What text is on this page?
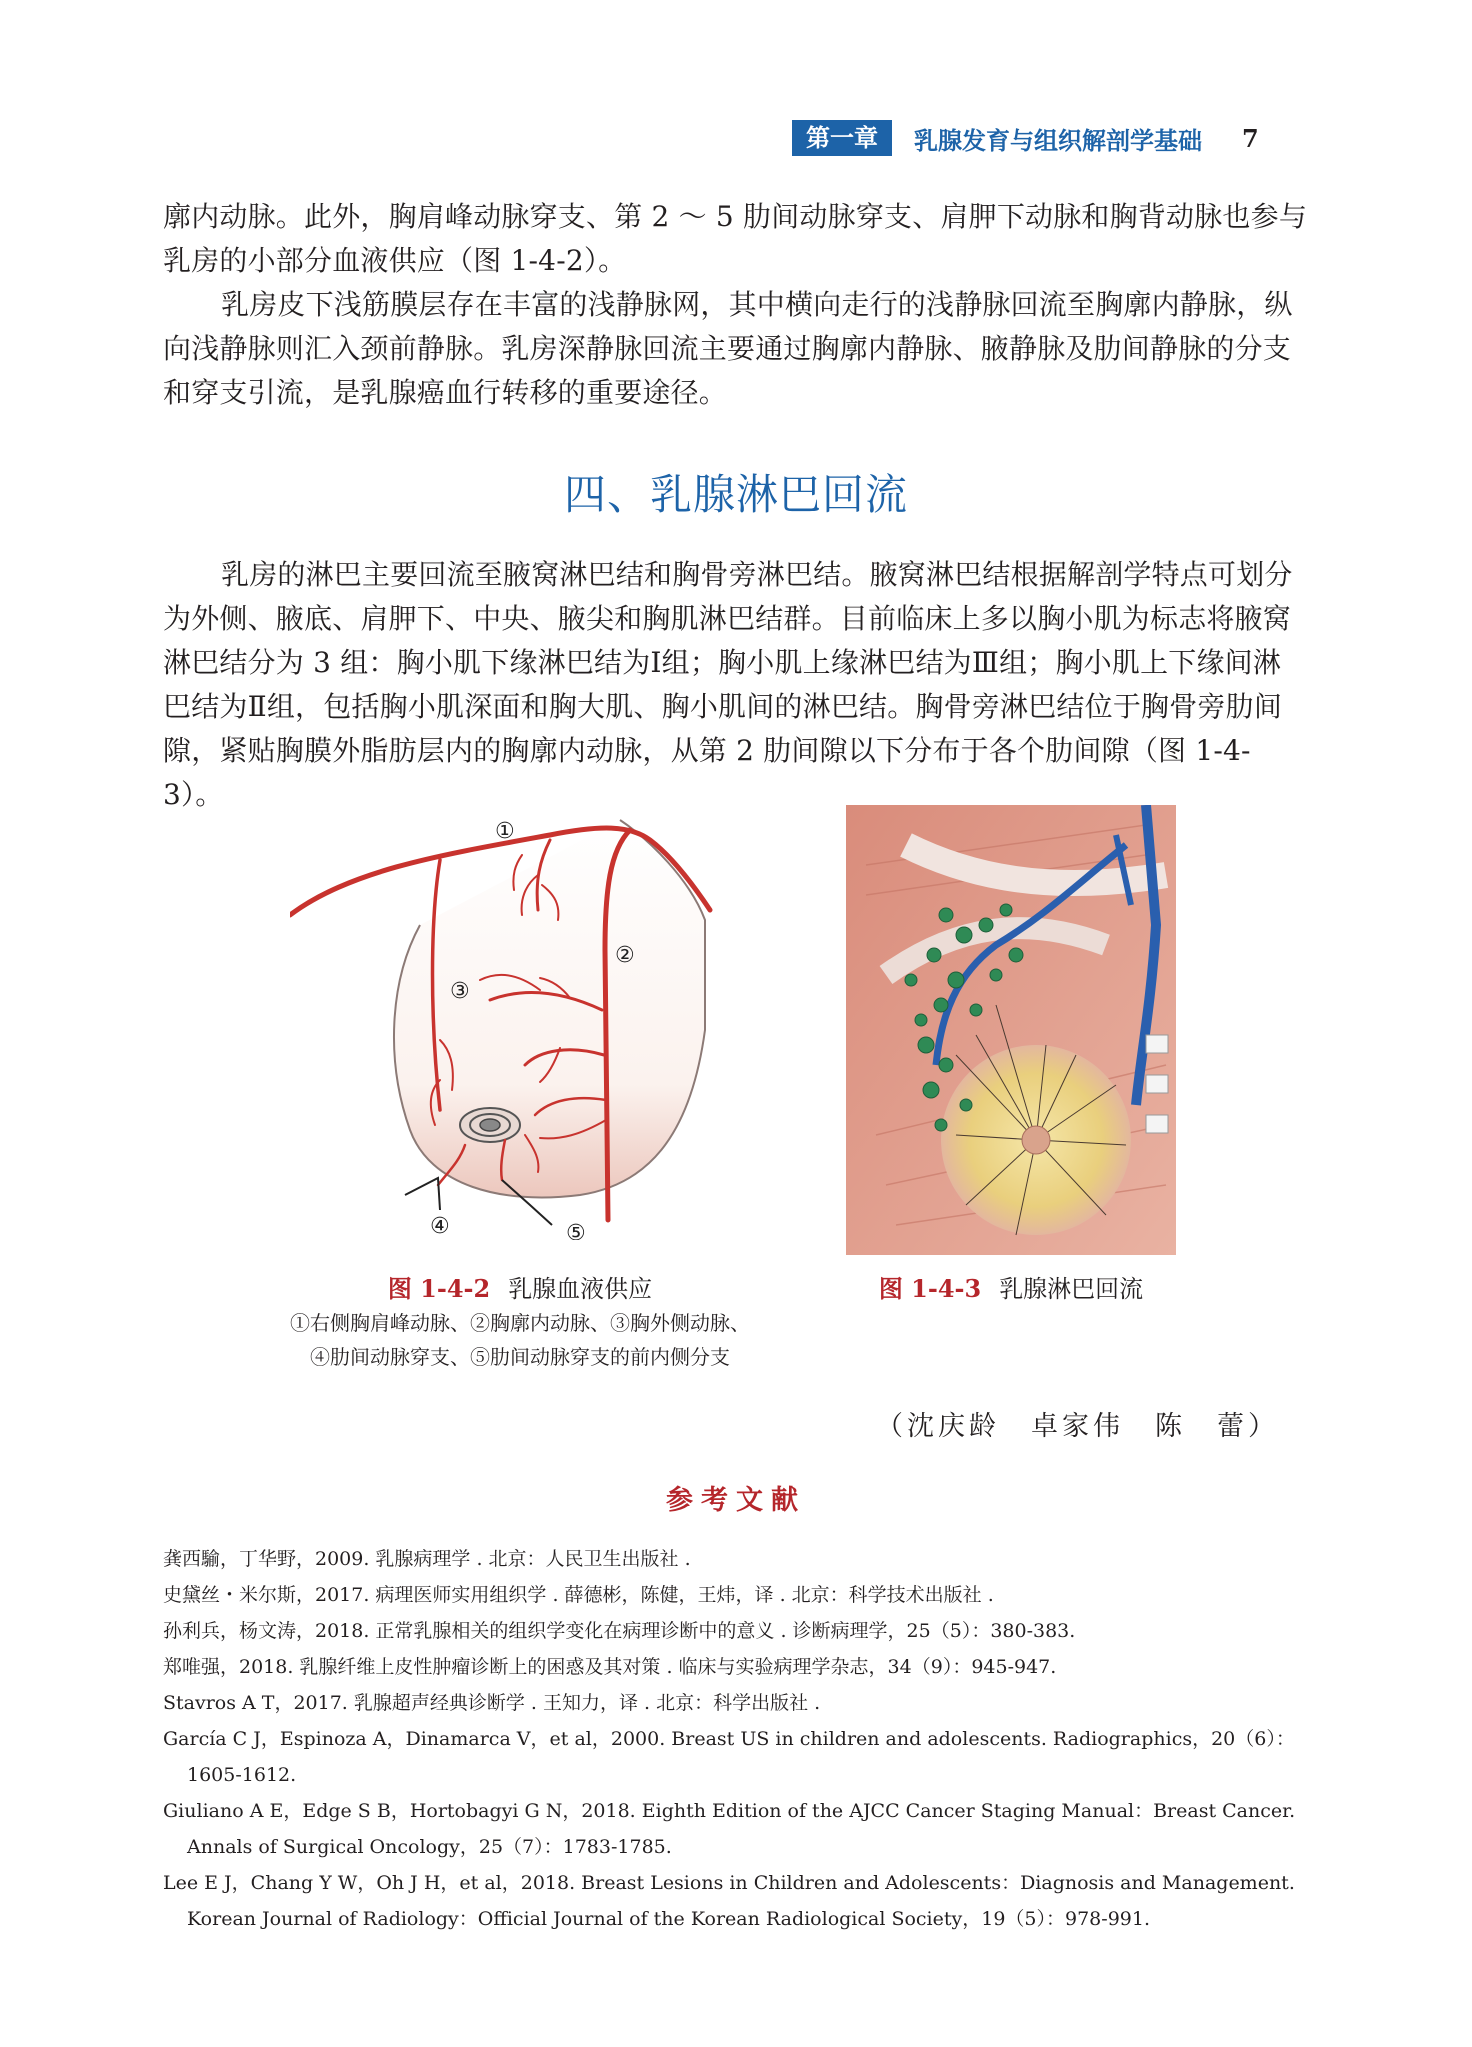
第一章	乳腺发育与组织解剖学基础 7

廓内动脉。此外，胸肩峰动脉穿支、第 2 ～ 5 肋间动脉穿支、肩胛下动脉和胸背动脉也参与乳房的小部分血液供应（图 1-4-2）。

乳房皮下浅筋膜层存在丰富的浅静脉网，其中横向走行的浅静脉回流至胸廓内静脉，纵向浅静脉则汇入颈前静脉。乳房深静脉回流主要通过胸廓内静脉、腋静脉及肋间静脉的分支和穿支引流，是乳腺癌血行转移的重要途径。

四、乳腺淋巴回流

乳房的淋巴主要回流至腋窝淋巴结和胸骨旁淋巴结。腋窝淋巴结根据解剖学特点可划分为外侧、腋底、肩胛下、中央、腋尖和胸肌淋巴结群。目前临床上多以胸小肌为标志将腋窝淋巴结分为 3 组：胸小肌下缘淋巴结为Ⅰ组；胸小肌上缘淋巴结为Ⅲ组；胸小肌上下缘间淋巴结为Ⅱ组，包括胸小肌深面和胸大肌、胸小肌间的淋巴结。胸骨旁淋巴结位于胸骨旁肋间隙，紧贴胸膜外脂肪层内的胸廓内动脉，从第 2 肋间隙以下分布于各个肋间隙（图 1-4-3）。

①
②
③
④	⑤
图 1-4-2 乳腺血液供应
①右侧胸肩峰动脉、②胸廓内动脉、③胸外侧动脉、
④肋间动脉穿支、⑤肋间动脉穿支的前内侧分支
图 1-4-3 乳腺淋巴回流
（沈庆龄　卓家伟　陈　蕾）
参考文献

龚西騟，丁华野，2009. 乳腺病理学 . 北京：人民卫生出版社 .

史黛丝・米尔斯，2017. 病理医师实用组织学 . 薛德彬，陈健，王炜，译 . 北京：科学技术出版社 .

孙利兵，杨文涛，2018. 正常乳腺相关的组织学变化在病理诊断中的意义 . 诊断病理学，25（5）：380-383.

郑唯强，2018. 乳腺纤维上皮性肿瘤诊断上的困惑及其对策 . 临床与实验病理学杂志，34（9）：945-947.

Stavros A T，2017. 乳腺超声经典诊断学 . 王知力，译 . 北京：科学出版社 .

García C J，Espinoza A，Dinamarca V，et al，2000. Breast US in children and adolescents. Radiographics，20（6）：1605-1612.

Giuliano A E，Edge S B，Hortobagyi G N，2018. Eighth Edition of the AJCC Cancer Staging Manual：Breast Cancer. Annals of Surgical Oncology，25（7）：1783-1785.

Lee E J，Chang Y W，Oh J H，et al，2018. Breast Lesions in Children and Adolescents：Diagnosis and Management. Korean Journal of Radiology：Official Journal of the Korean Radiological Society，19（5）：978-991.
